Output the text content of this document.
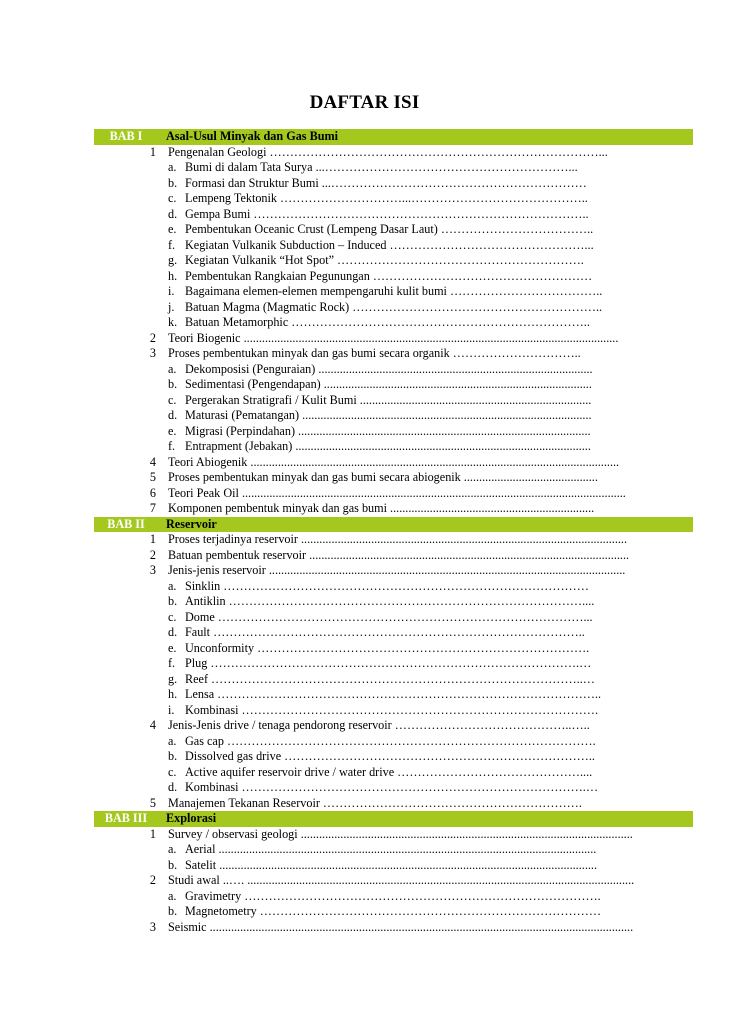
DAFTAR ISI
BAB I	Asal-Usul Minyak dan Gas Bumi
1 Pengenalan Geologi ………………………………………………………………………...
a. Bumi di dalam Tata Surya ...……………………………………………………...
b. Formasi dan Struktur Bumi ...………………………………………………………
c. Lempeng Tektonik …………………………...……………………………………..
d. Gempa Bumi ………………………………………………………………………..
e. Pembentukan Oceanic Crust (Lempeng Dasar Laut) ………………………………..
f. Kegiatan Vulkanik Subduction – Induced …………………………………………...
g. Kegiatan Vulkanik “Hot Spot” …………………………………………………….
h. Pembentukan Rangkaian Pegunungan ………………………………………………
i. Bagaimana elemen-elemen mempengaruhi kulit bumi ………………………………..
j. Batuan Magma (Magmatic Rock) ……………………………………………………..
k. Batuan Metamorphic ………………………………………………………………..
2 Teori Biogenic ...........................................................................................................................
3 Proses pembentukan minyak dan gas bumi secara organik …………………………..
a. Dekomposisi (Penguraian) ..........................................................................................
b. Sedimentasi (Pengendapan) ........................................................................................
c. Pergerakan Stratigrafi / Kulit Bumi ............................................................................
d. Maturasi (Pematangan) ...............................................................................................
e. Migrasi (Perpindahan) ................................................................................................
f. Entrapment (Jebakan) .................................................................................................
4 Teori Abiogenik .........................................................................................................................
5 Proses pembentukan minyak dan gas bumi secara abiogenik ............................................
6 Teori Peak Oil ..............................................................................................................................
7 Komponen pembentuk minyak dan gas bumi ...................................................................
BAB II	Reservoir
1 Proses terjadinya reservoir ...........................................................................................................
2 Batuan pembentuk reservoir .........................................................................................................
3 Jenis-jenis reservoir .....................................................................................................................
a. Sinklin ………………………………………………………………………………
b. Antiklin ……………………………………………………………………………....
c. Dome ………………………………………………………………………………...
d. Fault ………………………………………………………………………………..
e. Unconformity ……………………………………………………………………….
f. Plug ……………………………………………………………………………….…
g. Reef ………………………………………………………………………………..…
h. Lensa …………………………………………………………………………………..
i. Kombinasi …………………………………………………………………………….
4 Jenis-Jenis drive / tenaga pendorong reservoir ……………………………………..…..
a. Gas cap ……………………………………………………………………………….
b. Dissolved gas drive …………………………………………………………………..
c. Active aquifer reservoir drive / water drive ………………………………………....
d. Kombinasi ………………………………………………………………………….…
5 Manajemen Tekanan Reservoir ……………………………………………………….
BAB III	Explorasi
1 Survey / observasi geologi .............................................................................................................
a. Aerial ............................................................................................................................
b. Satelit ............................................................................................................................
2 Studi awal ..…. ...............................................................................................................................
a. Gravimetry …………………………………………………………………………….
b. Magnetometry …………………………………………………………………………
3 Seismic ...........................................................................................................................................
